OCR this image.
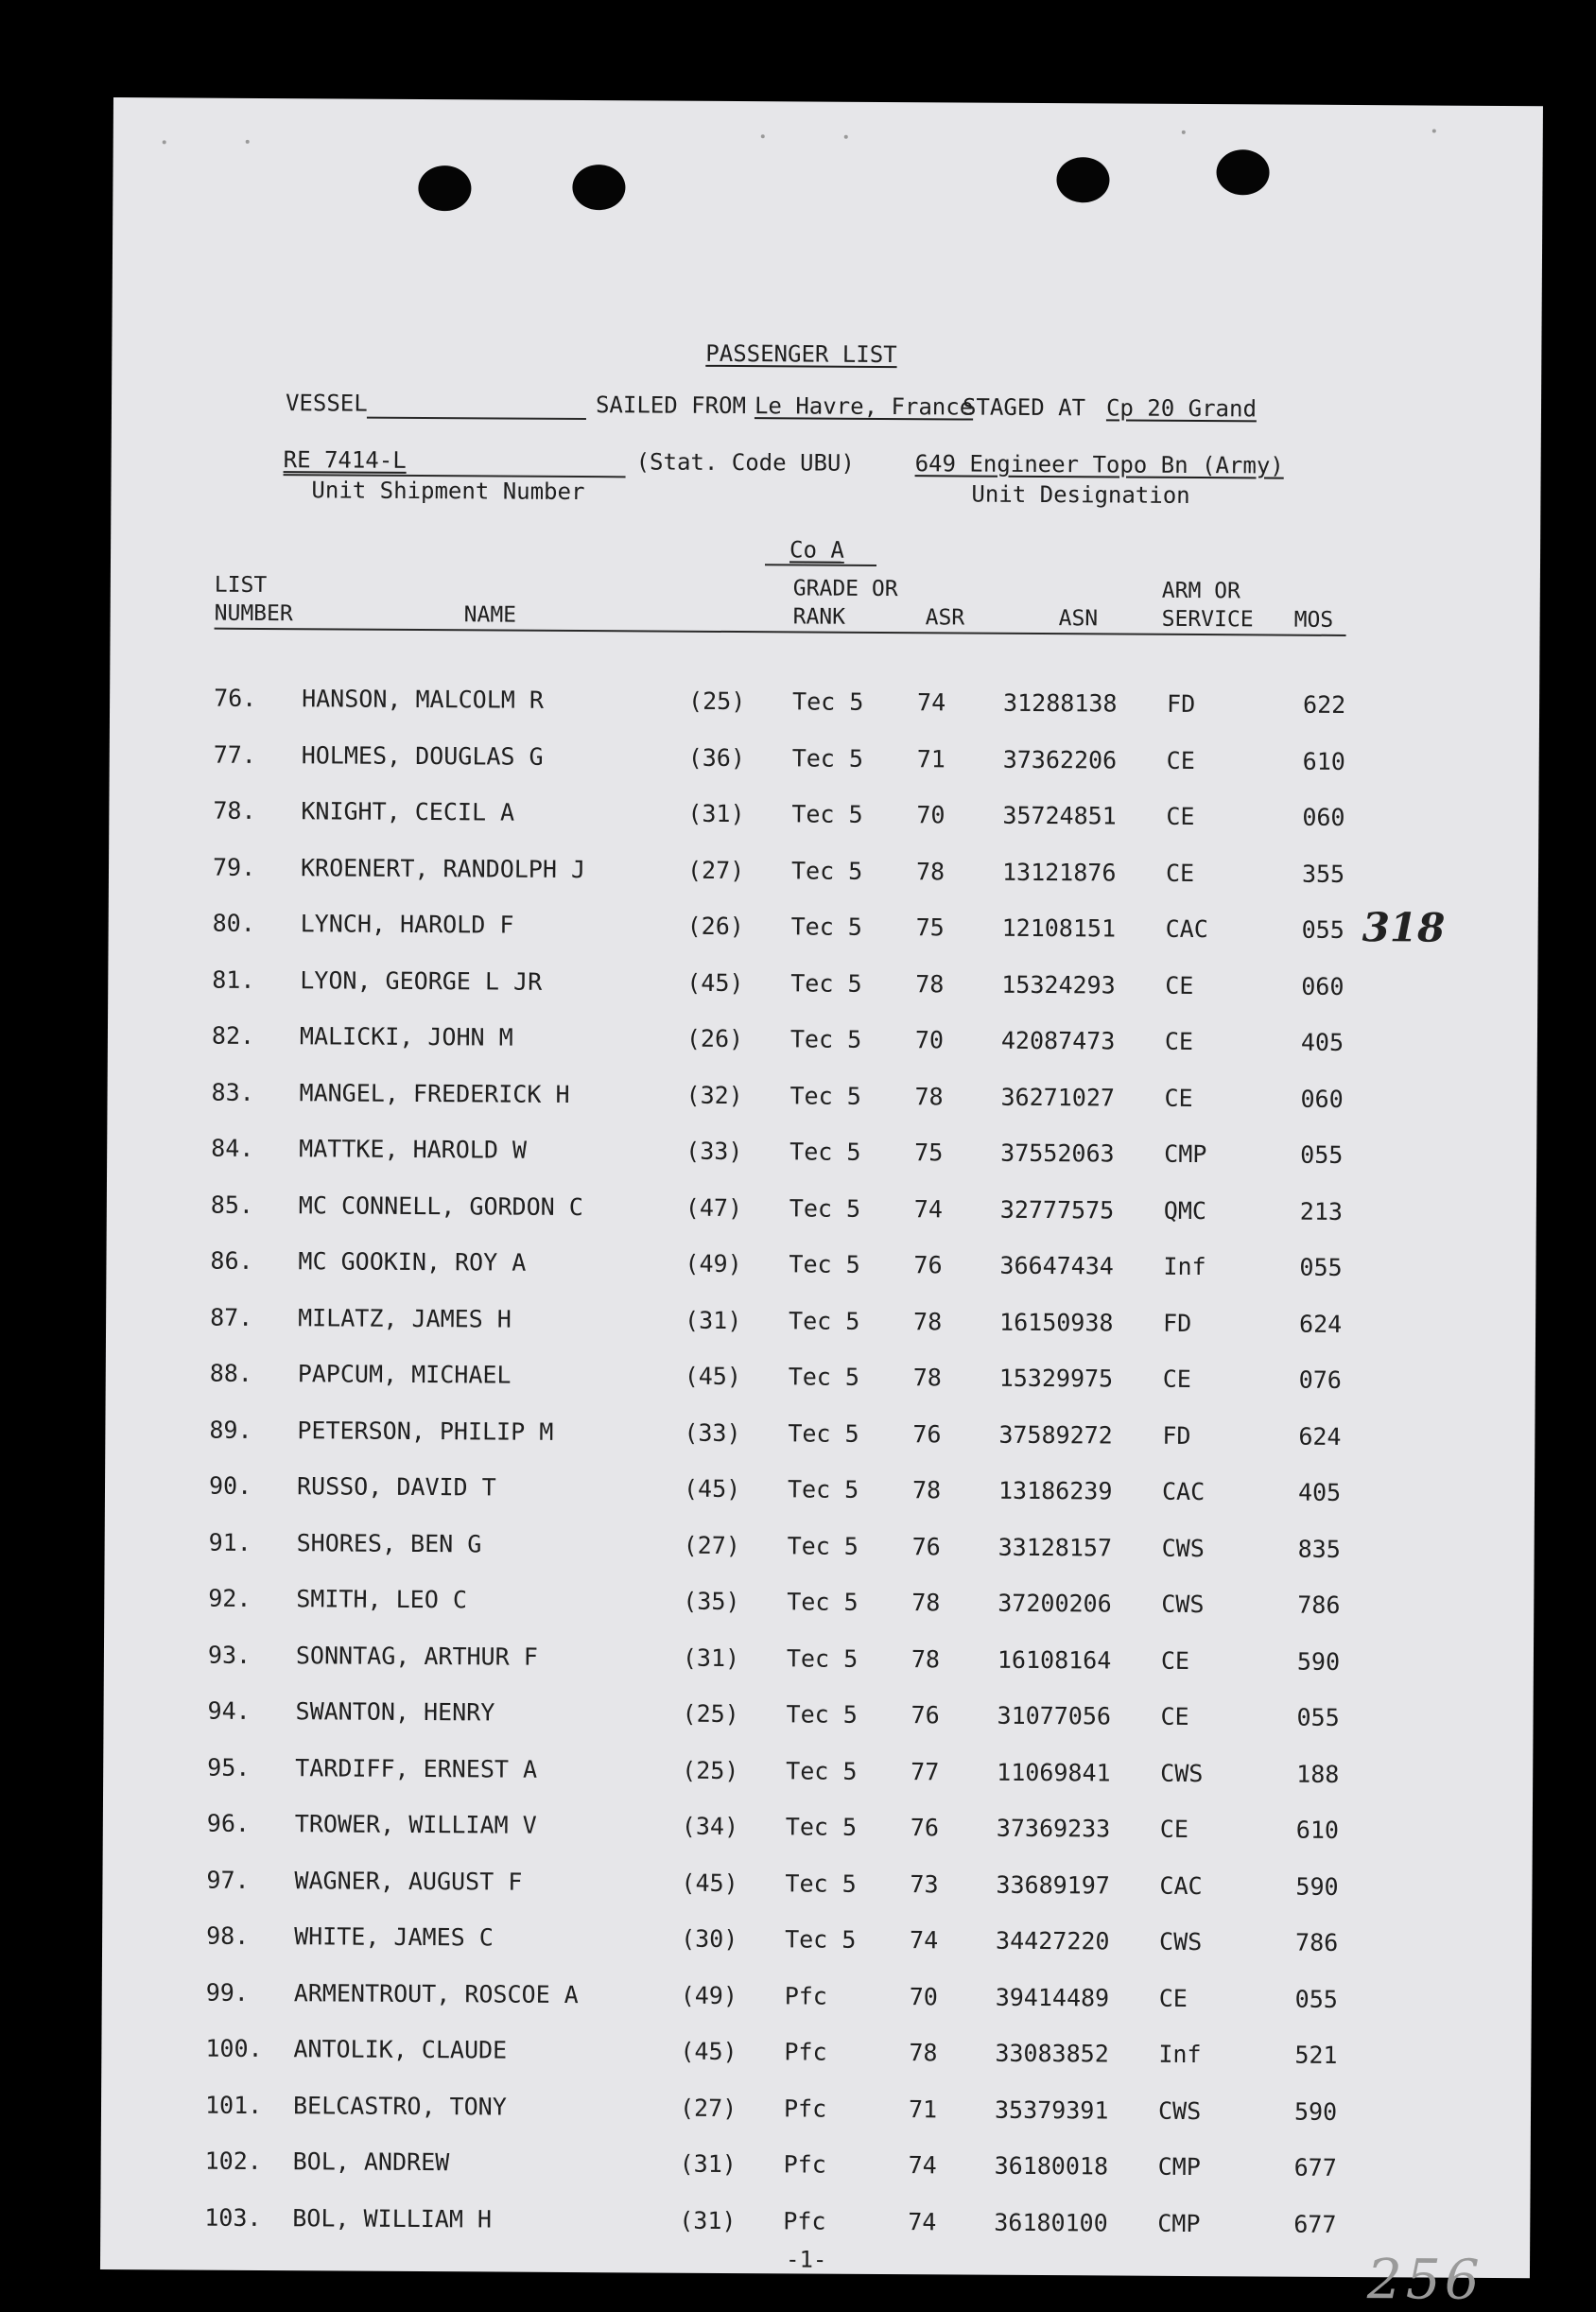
PASSENGER LIST
VESSEL	SAILED FROM Le Havre, France
STAGED AT Cp 20 Grand
RE 7414-L
Unit Shipment Number
(Stat. Code UBU)	649 Engineer Topo Bn (Army)
Unit Designation
Co A
LIST
NUMBER	NAME
GRADE OR
RANK	ASR	ASN
ARM OR
SERVICE MOS
76. HANSON, MALCOLM R	(25) Tec 5 74 31288138 FD	622
77. HOLMES, DOUGLAS G	(36) Tec 5 71 37362206 CE	610
78. KNIGHT, CECIL A	(31) Tec 5 70 35724851 CE	060
79. KROENERT, RANDOLPH J	(27) Tec 5 78 13121876 CE	355
80. LYNCH, HAROLD F	(26) Tec 5 75 12108151 CAC	055
81. LYON, GEORGE L JR	(45) Tec 5 78 15324293 CE	060
82. MALICKI, JOHN M	(26) Tec 5 70 42087473 CE	405
83. MANGEL, FREDERICK H	(32) Tec 5 78 36271027 CE	060
84. MATTKE, HAROLD W	(33) Tec 5 75 37552063 CMP	055
85. MC CONNELL, GORDON C	(47) Tec 5 74 32777575 QMC	213
86. MC GOOKIN, ROY A	(49) Tec 5 76 36647434 Inf	055
87. MILATZ, JAMES H	(31) Tec 5 78 16150938 FD	624
88. PAPCUM, MICHAEL	(45) Tec 5 78 15329975 CE	076
89. PETERSON, PHILIP M	(33) Tec 5 76 37589272 FD	624
90. RUSSO, DAVID T	(45) Tec 5 78 13186239 CAC	405
91. SHORES, BEN G	(27) Tec 5 76 33128157 CWS	835
92. SMITH, LEO C	(35) Tec 5 78 37200206 CWS	786
93. SONNTAG, ARTHUR F	(31) Tec 5 78 16108164 CE	590
94. SWANTON, HENRY	(25) Tec 5 76 31077056 CE	055
95. TARDIFF, ERNEST A	(25) Tec 5 77 11069841 CWS	188
96. TROWER, WILLIAM V	(34) Tec 5 76 37369233 CE	610
97. WAGNER, AUGUST F	(45) Tec 5 73 33689197 CAC	590
98. WHITE, JAMES C	(30) Tec 5 74 34427220 CWS	786
99. ARMENTROUT, ROSCOE A	(49) Pfc	70 39414489 CE	055
100. ANTOLIK, CLAUDE	(45) Pfc	78 33083852 Inf	521
101. BELCASTRO, TONY	(27) Pfc	71 35379391 CWS	590
102. BOL, ANDREW	(31) Pfc	74 36180018 CMP	677
103. BOL, WILLIAM H	(31) Pfc	74 36180100 CMP	677
318
-1-	256
